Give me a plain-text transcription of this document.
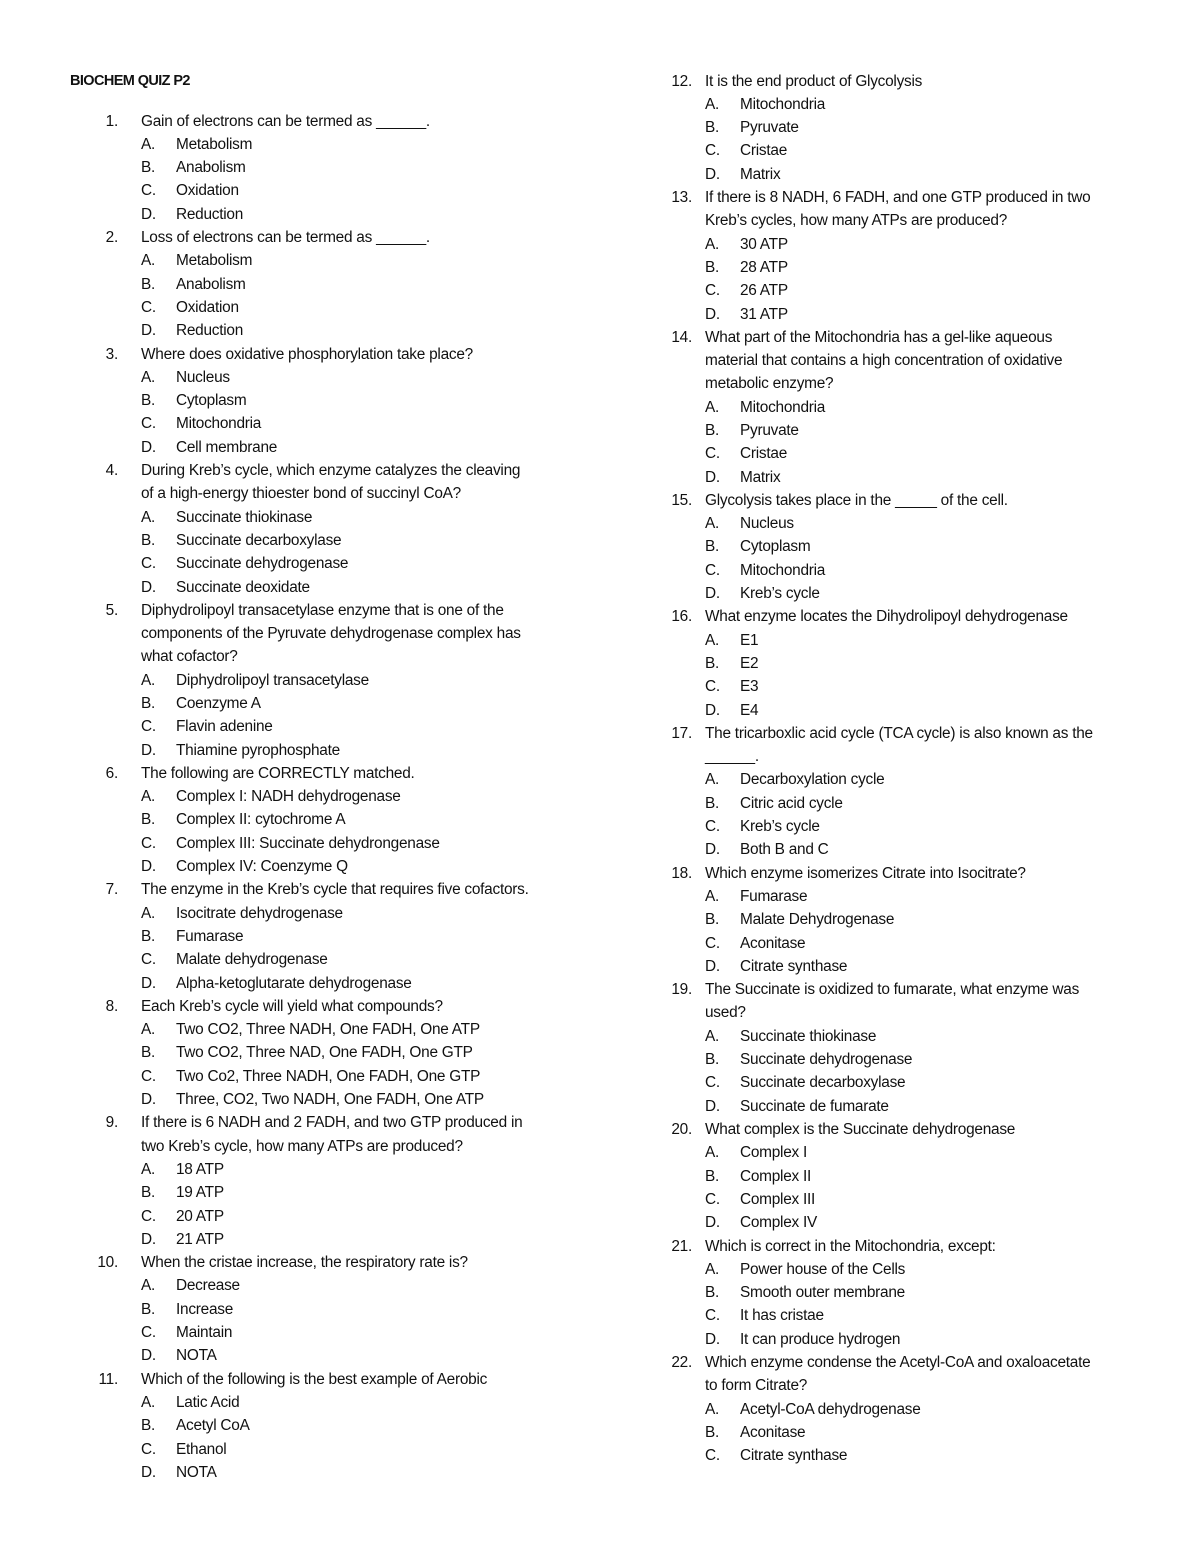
BIOCHEM QUIZ P2
1. Gain of electrons can be termed as ______.
A. Metabolism
B. Anabolism
C. Oxidation
D. Reduction
2. Loss of electrons can be termed as ______.
A. Metabolism
B. Anabolism
C. Oxidation
D. Reduction
3. Where does oxidative phosphorylation take place?
A. Nucleus
B. Cytoplasm
C. Mitochondria
D. Cell membrane
4. During Kreb’s cycle, which enzyme catalyzes the cleaving
of a high-energy thioester bond of succinyl CoA?
A. Succinate thiokinase
B. Succinate decarboxylase
C. Succinate dehydrogenase
D. Succinate deoxidate
5. Diphydrolipoyl transacetylase enzyme that is one of the
components of the Pyruvate dehydrogenase complex has
what cofactor?
A. Diphydrolipoyl transacetylase
B. Coenzyme A
C. Flavin adenine
D. Thiamine pyrophosphate
6. The following are CORRECTLY matched.
A. Complex I: NADH dehydrogenase
B. Complex II: cytochrome A
C. Complex III: Succinate dehydrongenase
D. Complex IV: Coenzyme Q
7. The enzyme in the Kreb’s cycle that requires five cofactors.
A. Isocitrate dehydrogenase
B. Fumarase
C. Malate dehydrogenase
D. Alpha-ketoglutarate dehydrogenase
8. Each Kreb’s cycle will yield what compounds?
A. Two CO2, Three NADH, One FADH, One ATP
B. Two CO2, Three NAD, One FADH, One GTP
C. Two Co2, Three NADH, One FADH, One GTP
D. Three, CO2, Two NADH, One FADH, One ATP
9. If there is 6 NADH and 2 FADH, and two GTP produced in
two Kreb’s cycle, how many ATPs are produced?
A. 18 ATP
B. 19 ATP
C. 20 ATP
D. 21 ATP
10. When the cristae increase, the respiratory rate is?
A. Decrease
B. Increase
C. Maintain
D. NOTA
11. Which of the following is the best example of Aerobic
A. Latic Acid
B. Acetyl CoA
C. Ethanol
D. NOTA
12. It is the end product of Glycolysis
A. Mitochondria
B. Pyruvate
C. Cristae
D. Matrix
13. If there is 8 NADH, 6 FADH, and one GTP produced in two
Kreb’s cycles, how many ATPs are produced?
A. 30 ATP
B. 28 ATP
C. 26 ATP
D. 31 ATP
14. What part of the Mitochondria has a gel-like aqueous
material that contains a high concentration of oxidative
metabolic enzyme?
A. Mitochondria
B. Pyruvate
C. Cristae
D. Matrix
15. Glycolysis takes place in the _____ of the cell.
A. Nucleus
B. Cytoplasm
C. Mitochondria
D. Kreb’s cycle
16. What enzyme locates the Dihydrolipoyl dehydrogenase
A. E1
B. E2
C. E3
D. E4
17. The tricarboxlic acid cycle (TCA cycle) is also known as the
______.
A. Decarboxylation cycle
B. Citric acid cycle
C. Kreb’s cycle
D. Both B and C
18. Which enzyme isomerizes Citrate into Isocitrate?
A. Fumarase
B. Malate Dehydrogenase
C. Aconitase
D. Citrate synthase
19. The Succinate is oxidized to fumarate, what enzyme was
used?
A. Succinate thiokinase
B. Succinate dehydrogenase
C. Succinate decarboxylase
D. Succinate de fumarate
20. What complex is the Succinate dehydrogenase
A. Complex I
B. Complex II
C. Complex III
D. Complex IV
21. Which is correct in the Mitochondria, except:
A. Power house of the Cells
B. Smooth outer membrane
C. It has cristae
D. It can produce hydrogen
22. Which enzyme condense the Acetyl-CoA and oxaloacetate
to form Citrate?
A. Acetyl-CoA dehydrogenase
B. Aconitase
C. Citrate synthase
